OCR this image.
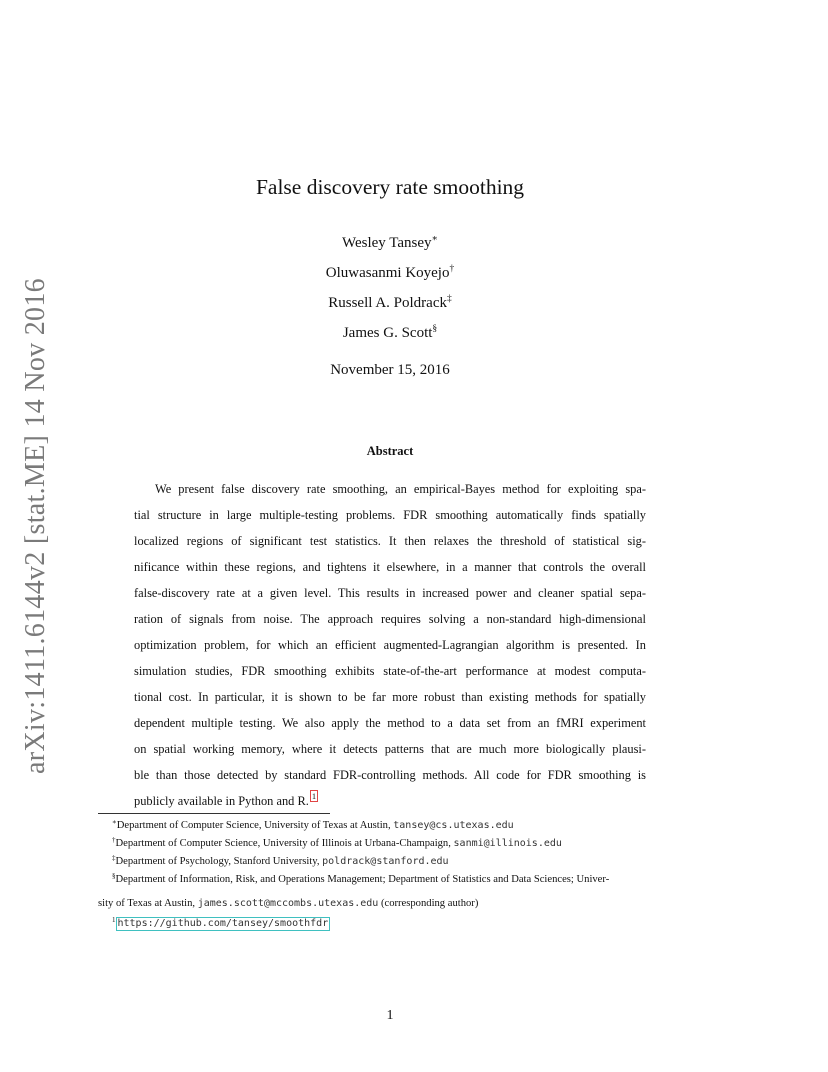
arXiv:1411.6144v2 [stat.ME] 14 Nov 2016
False discovery rate smoothing
Wesley Tansey∗
Oluwasanmi Koyejo†
Russell A. Poldrack‡
James G. Scott§
November 15, 2016
Abstract
We present false discovery rate smoothing, an empirical-Bayes method for exploiting spa-
tial structure in large multiple-testing problems. FDR smoothing automatically finds spatially
localized regions of significant test statistics. It then relaxes the threshold of statistical sig-
nificance within these regions, and tightens it elsewhere, in a manner that controls the overall
false-discovery rate at a given level. This results in increased power and cleaner spatial sepa-
ration of signals from noise. The approach requires solving a non-standard high-dimensional
optimization problem, for which an efficient augmented-Lagrangian algorithm is presented. In
simulation studies, FDR smoothing exhibits state-of-the-art performance at modest computa-
tional cost. In particular, it is shown to be far more robust than existing methods for spatially
dependent multiple testing. We also apply the method to a data set from an fMRI experiment
on spatial working memory, where it detects patterns that are much more biologically plausi-
ble than those detected by standard FDR-controlling methods. All code for FDR smoothing is
publicly available in Python and R. 1
∗Department of Computer Science, University of Texas at Austin, tansey@cs.utexas.edu
†Department of Computer Science, University of Illinois at Urbana-Champaign, sanmi@illinois.edu
‡Department of Psychology, Stanford University, poldrack@stanford.edu
§Department of Information, Risk, and Operations Management; Department of Statistics and Data Sciences; Univer-
sity of Texas at Austin, james.scott@mccombs.utexas.edu (corresponding author)
$^1$ https://github.com/tansey/smoothfdr
1
